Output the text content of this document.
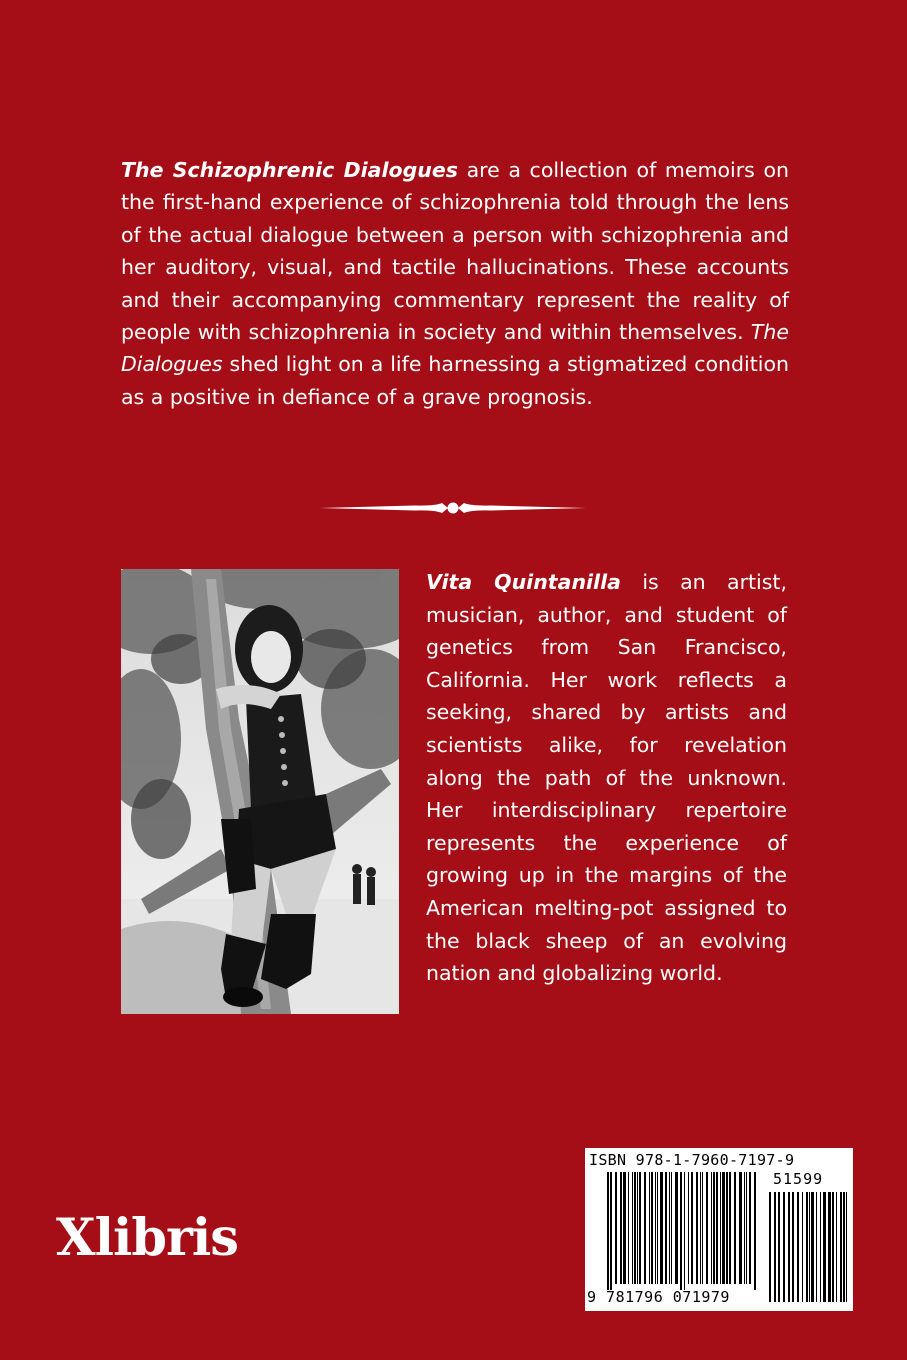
The Schizophrenic Dialogues are a collection of memoirs on the first-hand experience of schizophrenia told through the lens of the actual dialogue between a person with schizophrenia and her auditory, visual, and tactile hallucinations. These accounts and their accompanying commentary represent the reality of people with schizophrenia in society and within themselves. The Dialogues shed light on a life harnessing a stigmatized condition as a positive in defiance of a grave prognosis.

Vita Quintanilla is an artist, musician, author, and student of genetics from San Francisco, California. Her work reflects a seeking, shared by artists and scientists alike, for revelation along the path of the unknown. Her interdisciplinary repertoire represents the experience of growing up in the margins of the American melting-pot assigned to the black sheep of an evolving nation and globalizing world.

Xlibris
ISBN 978-1-7960-7197-9
51599
9 781796 071979
